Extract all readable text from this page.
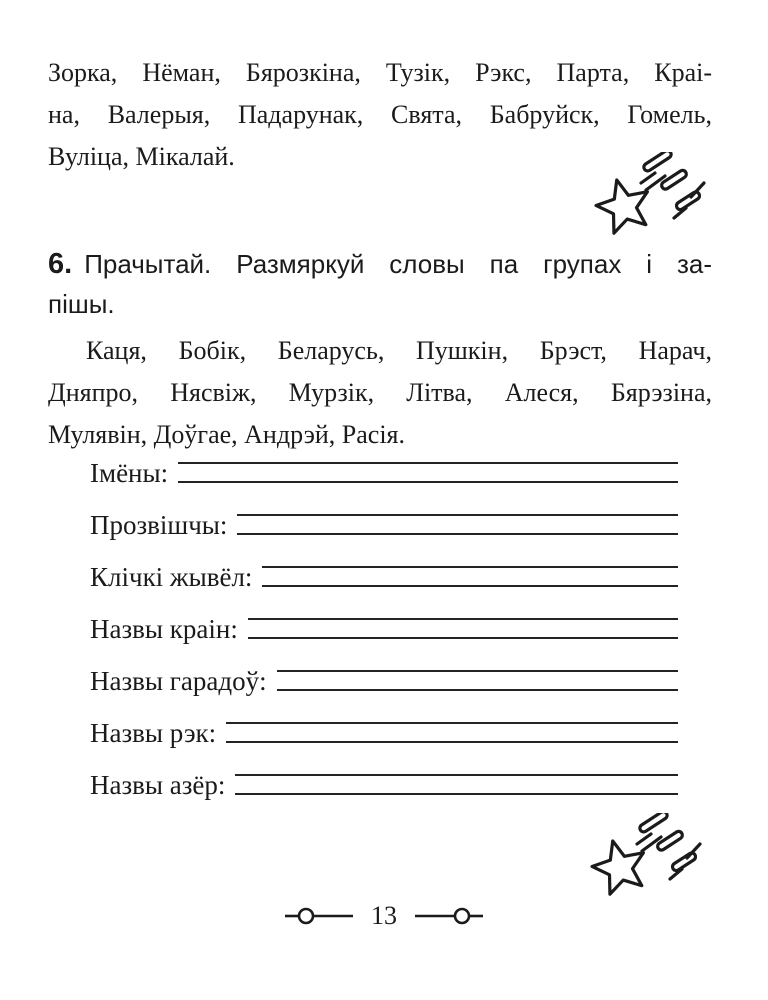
Зорка, Нёман, Бярозкіна, Тузік, Рэкс, Парта, Краі-
на, Валерыя, Падарунак, Свята, Бабруйск, Гомель,
Вуліца, Мікалай.

6. Прачытай. Размяркуй словы па групах і за-
пішы.

Каця, Бобік, Беларусь, Пушкін, Брэст, Нарач,
Дняпро, Нясвіж, Мурзік, Літва, Алеся, Бярэзіна,
Мулявін, Доўгае, Андрэй, Расія.

Імёны:
Прозвішчы:
Клічкі жывёл:
Назвы краін:
Назвы гарадоў:
Назвы рэк:
Назвы азёр:
13
